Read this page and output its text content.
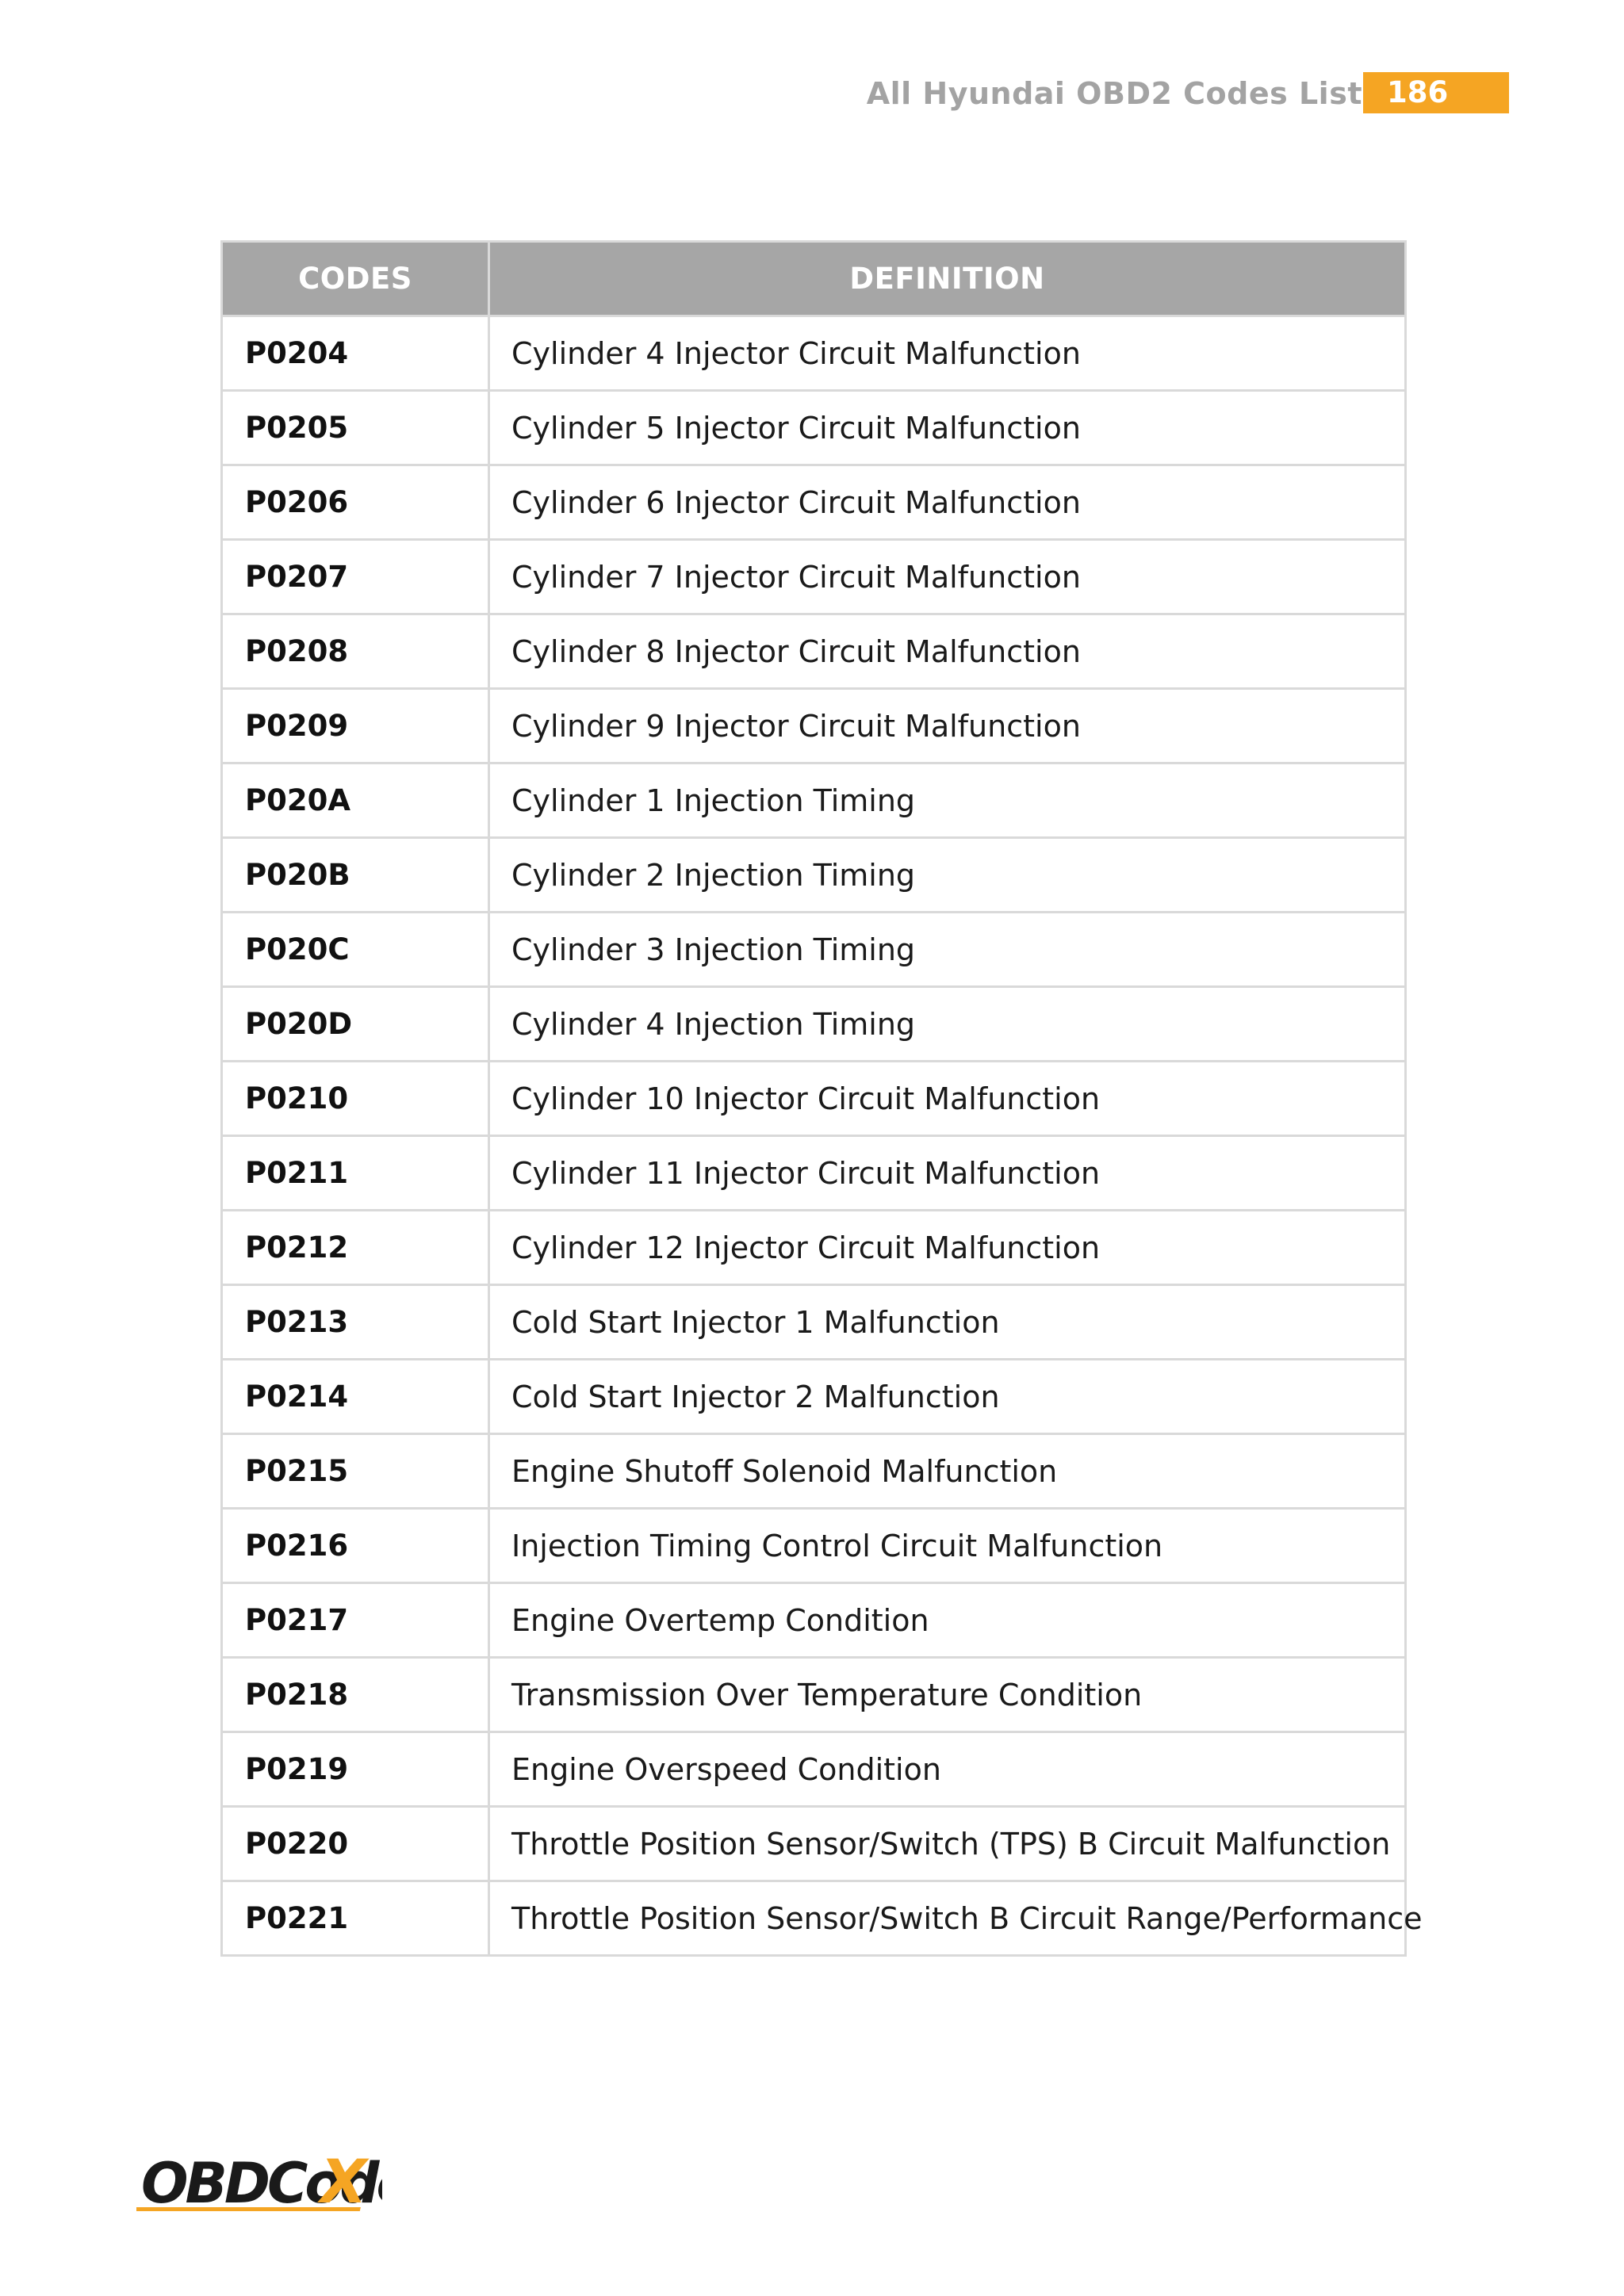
All Hyundai OBD2 Codes List 186
CODES	DEFINITION
P0204	Cylinder 4 Injector Circuit Malfunction
P0205	Cylinder 5 Injector Circuit Malfunction
P0206	Cylinder 6 Injector Circuit Malfunction
P0207	Cylinder 7 Injector Circuit Malfunction
P0208	Cylinder 8 Injector Circuit Malfunction
P0209	Cylinder 9 Injector Circuit Malfunction
P020A	Cylinder 1 Injection Timing
P020B	Cylinder 2 Injection Timing
P020C	Cylinder 3 Injection Timing
P020D	Cylinder 4 Injection Timing
P0210	Cylinder 10 Injector Circuit Malfunction
P0211	Cylinder 11 Injector Circuit Malfunction
P0212	Cylinder 12 Injector Circuit Malfunction
P0213	Cold Start Injector 1 Malfunction
P0214	Cold Start Injector 2 Malfunction
P0215	Engine Shutoff Solenoid Malfunction
P0216	Injection Timing Control Circuit Malfunction
P0217	Engine Overtemp Condition
P0218	Transmission Over Temperature Condition
P0219	Engine Overspeed Condition
P0220	Throttle Position Sensor/Switch (TPS) B Circuit Malfunction
P0221	Throttle Position Sensor/Switch B Circuit Range/Performance
OBDCod
X
